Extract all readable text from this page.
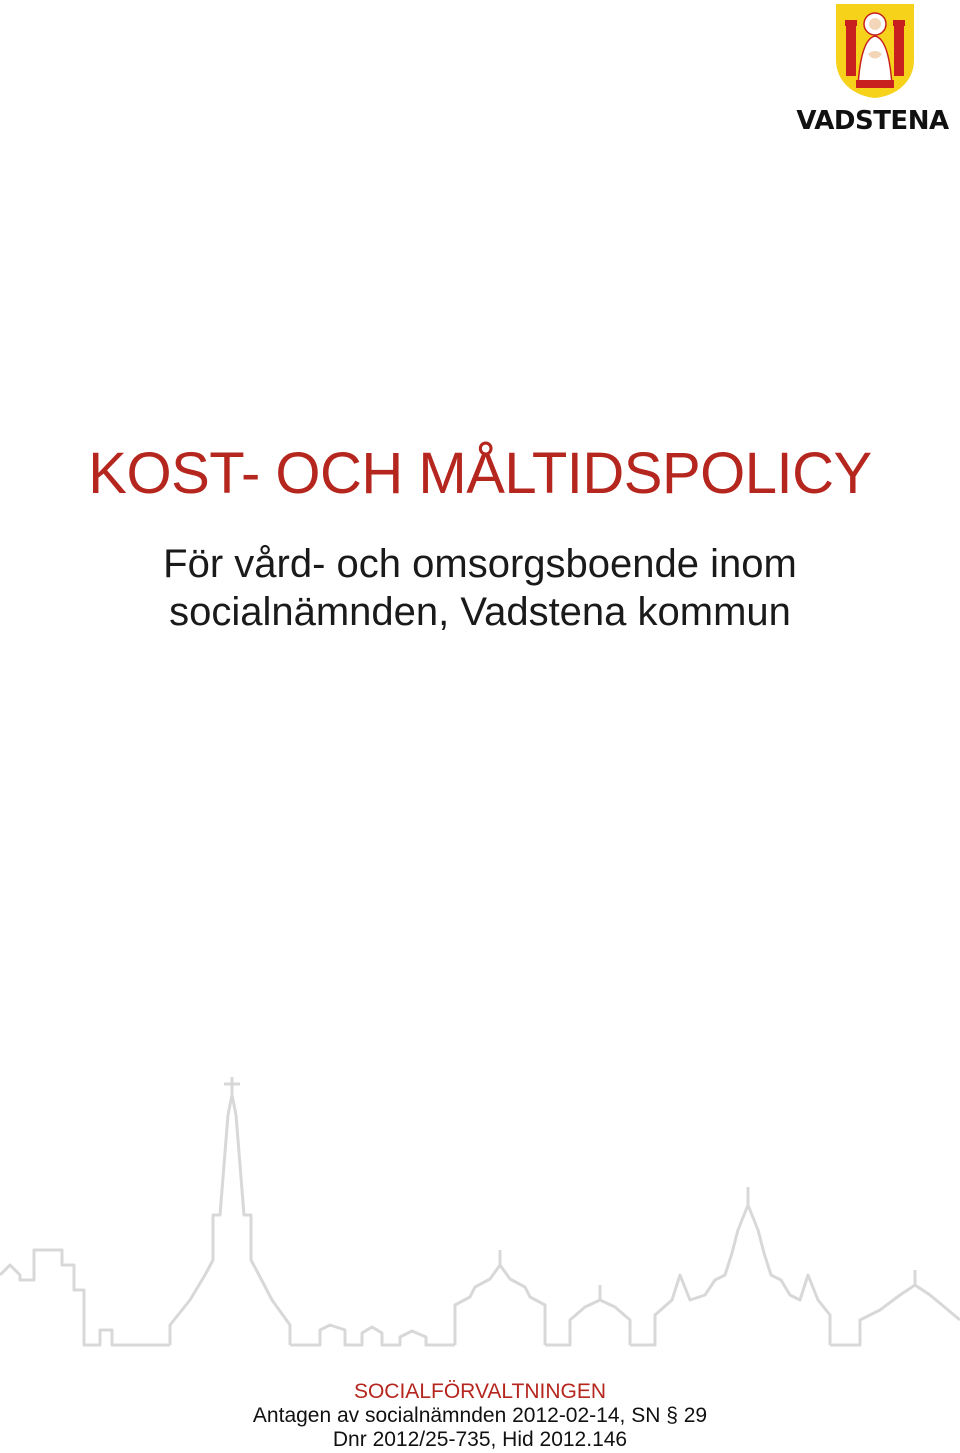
VADSTENA
KOST- OCH MÅLTIDSPOLICY
För vård- och omsorgsboende inom
socialnämnden, Vadstena kommun
SOCIALFÖRVALTNINGEN
Antagen av socialnämnden 2012-02-14, SN § 29
Dnr 2012/25-735, Hid 2012.146
